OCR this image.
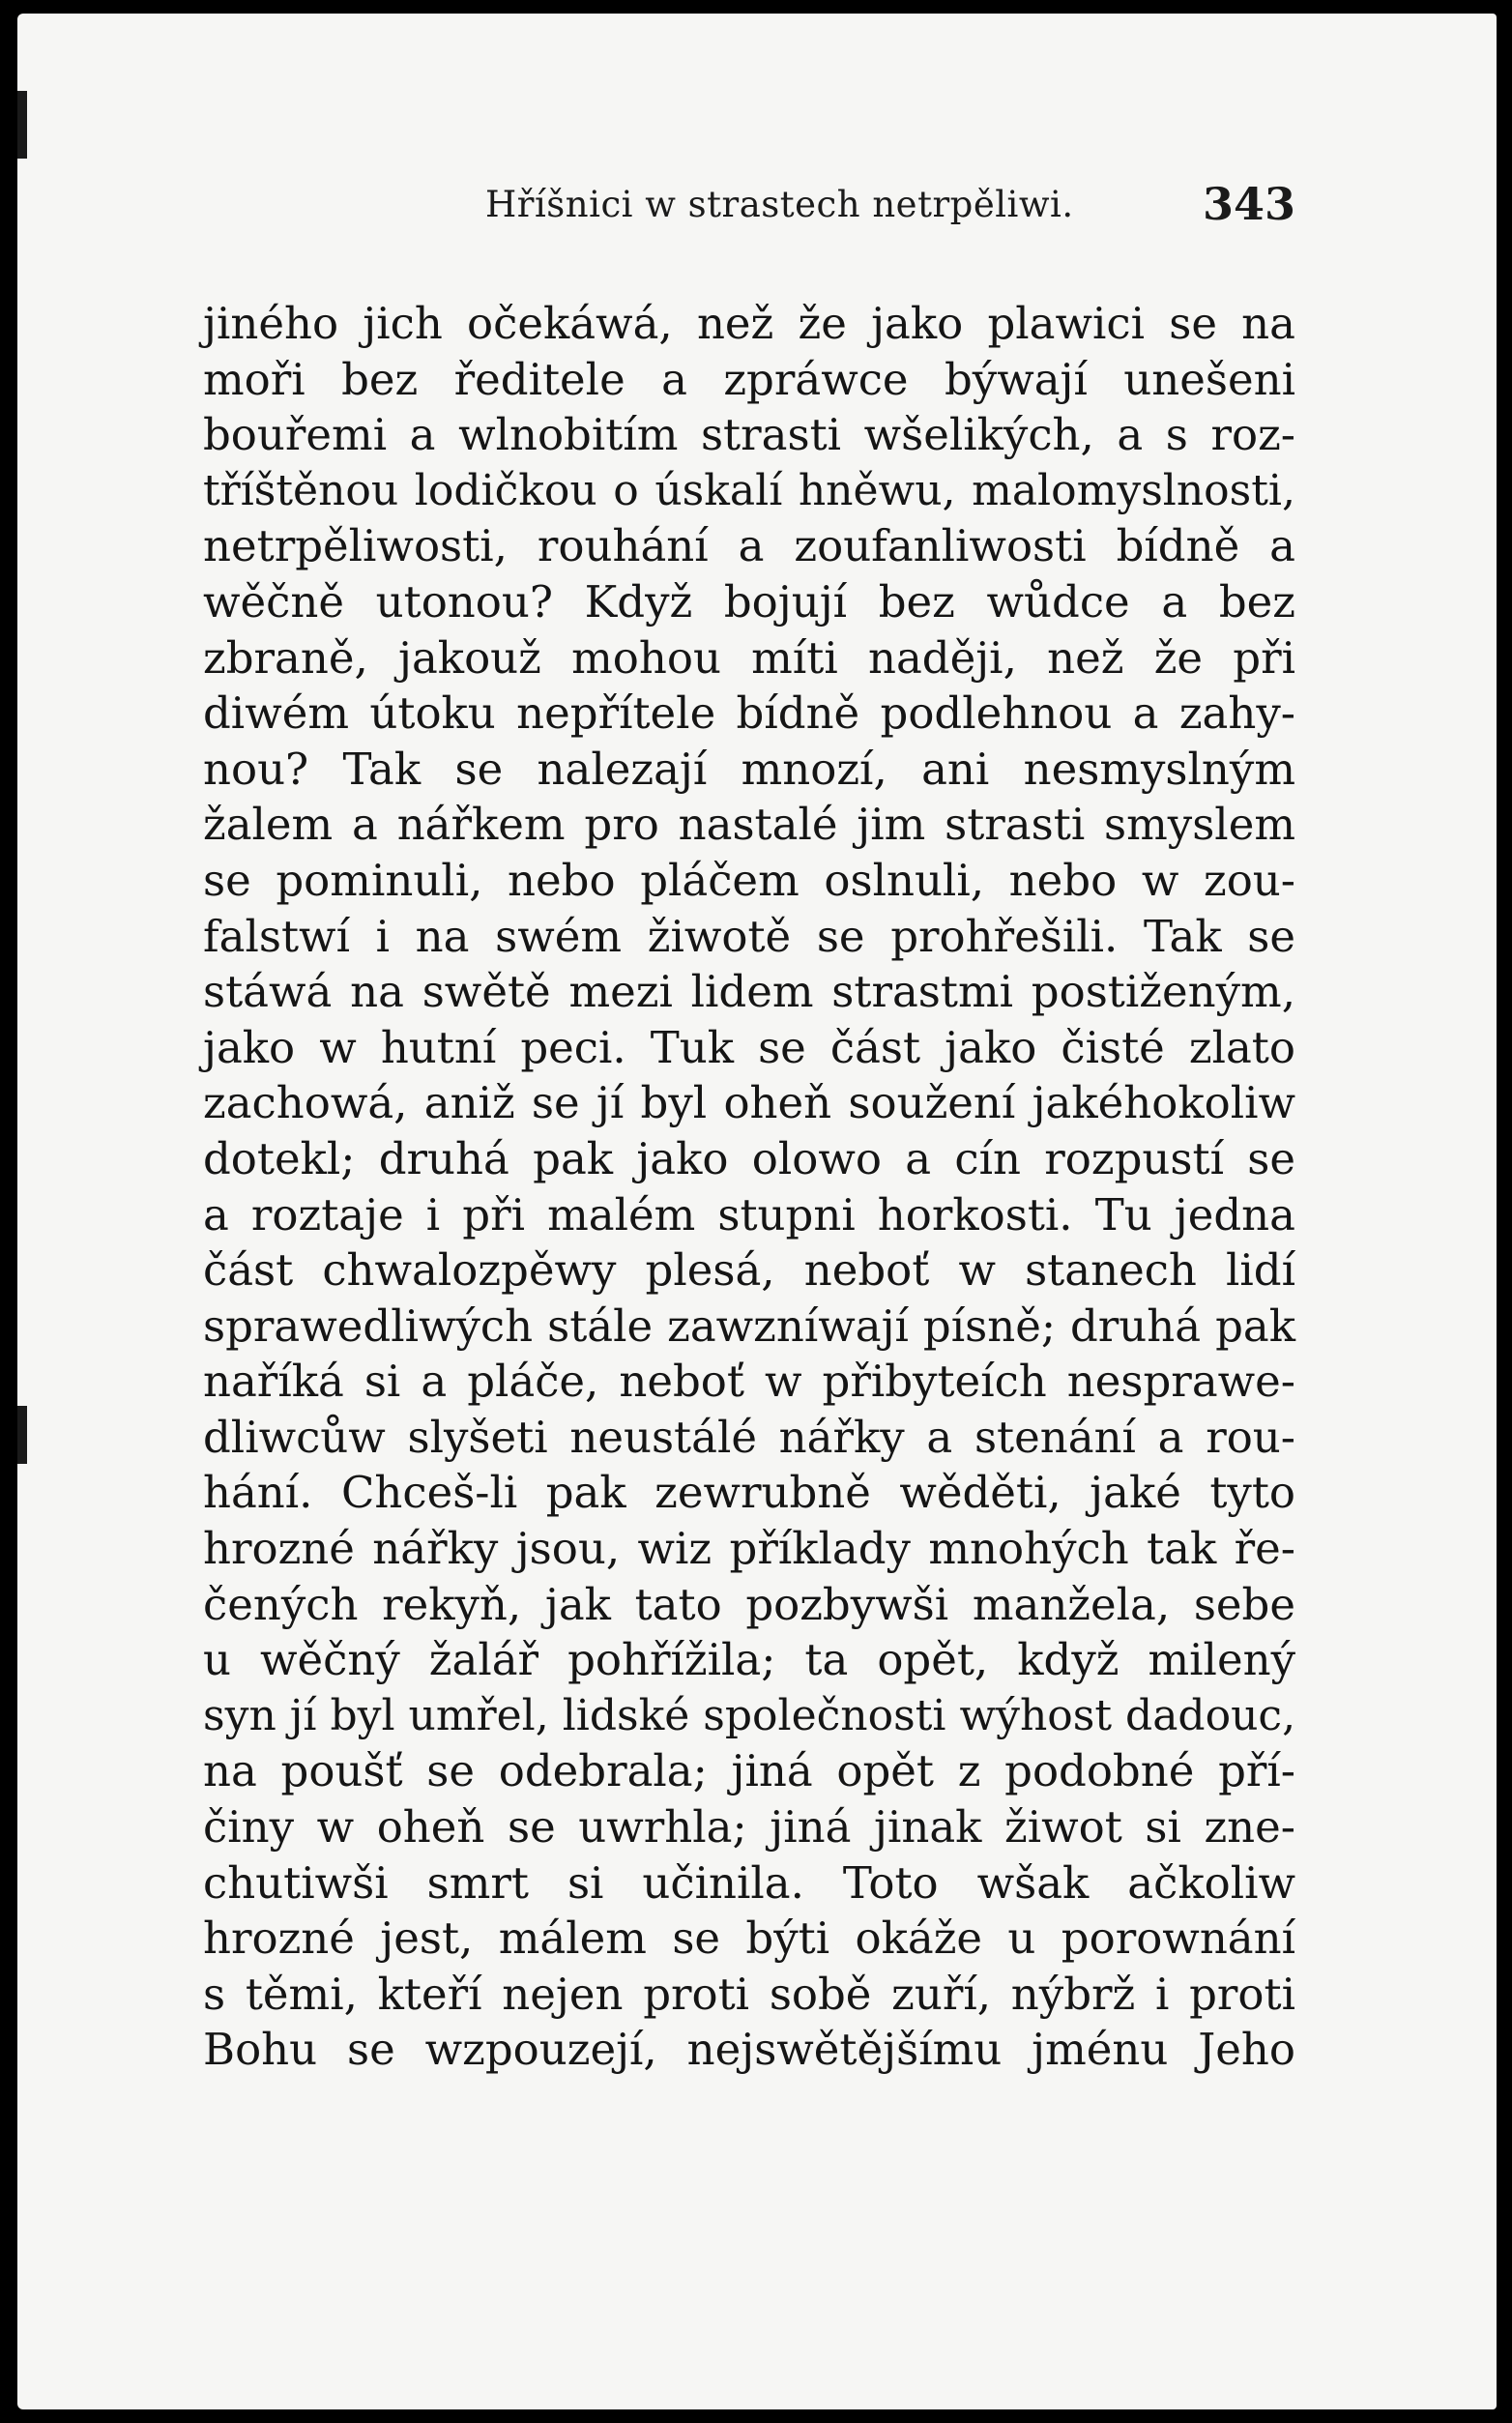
Hříšnici w strastech netrpěliwi.	343
jiného jich očekáwá, než že jako plawici se na
moři bez ředitele a zpráwce býwají unešeni
bouřemi a wlnobitím strasti wšelikých, a s roz-
tříštěnou lodičkou o úskalí hněwu, malomyslnosti,
netrpěliwosti, rouhání a zoufanliwosti bídně a
wěčně utonou? Když bojují bez wůdce a bez
zbraně, jakouž mohou míti naději, než že při
diwém útoku nepřítele bídně podlehnou a zahy-
nou? Tak se nalezají mnozí, ani nesmyslným
žalem a nářkem pro nastalé jim strasti smyslem
se pominuli, nebo pláčem oslnuli, nebo w zou-
falstwí i na swém žiwotě se prohřešili. Tak se
stáwá na swětě mezi lidem strastmi postiženým,
jako w hutní peci. Tuk se část jako čisté zlato
zachowá, aniž se jí byl oheň soužení jakéhokoliw
dotekl; druhá pak jako olowo a cín rozpustí se
a roztaje i při malém stupni horkosti. Tu jedna
část chwalozpěwy plesá, neboť w stanech lidí
sprawedliwých stále zawzníwají písně; druhá pak
naříká si a pláče, neboť w přibyteích nesprawe-
dliwcůw slyšeti neustálé nářky a stenání a rou-
hání. Chceš-li pak zewrubně wěděti, jaké tyto
hrozné nářky jsou, wiz příklady mnohých tak ře-
čených rekyň, jak tato pozbywši manžela, sebe
u wěčný žalář pohřížila; ta opět, když milený
syn jí byl umřel, lidské společnosti wýhost dadouc,
na poušť se odebrala; jiná opět z podobné pří-
činy w oheň se uwrhla; jiná jinak žiwot si zne-
chutiwši smrt si učinila. Toto wšak ačkoliw
hrozné jest, málem se býti okáže u porownání
s těmi, kteří nejen proti sobě zuří, nýbrž i proti
Bohu se wzpouzejí, nejswětějšímu jménu Jeho
